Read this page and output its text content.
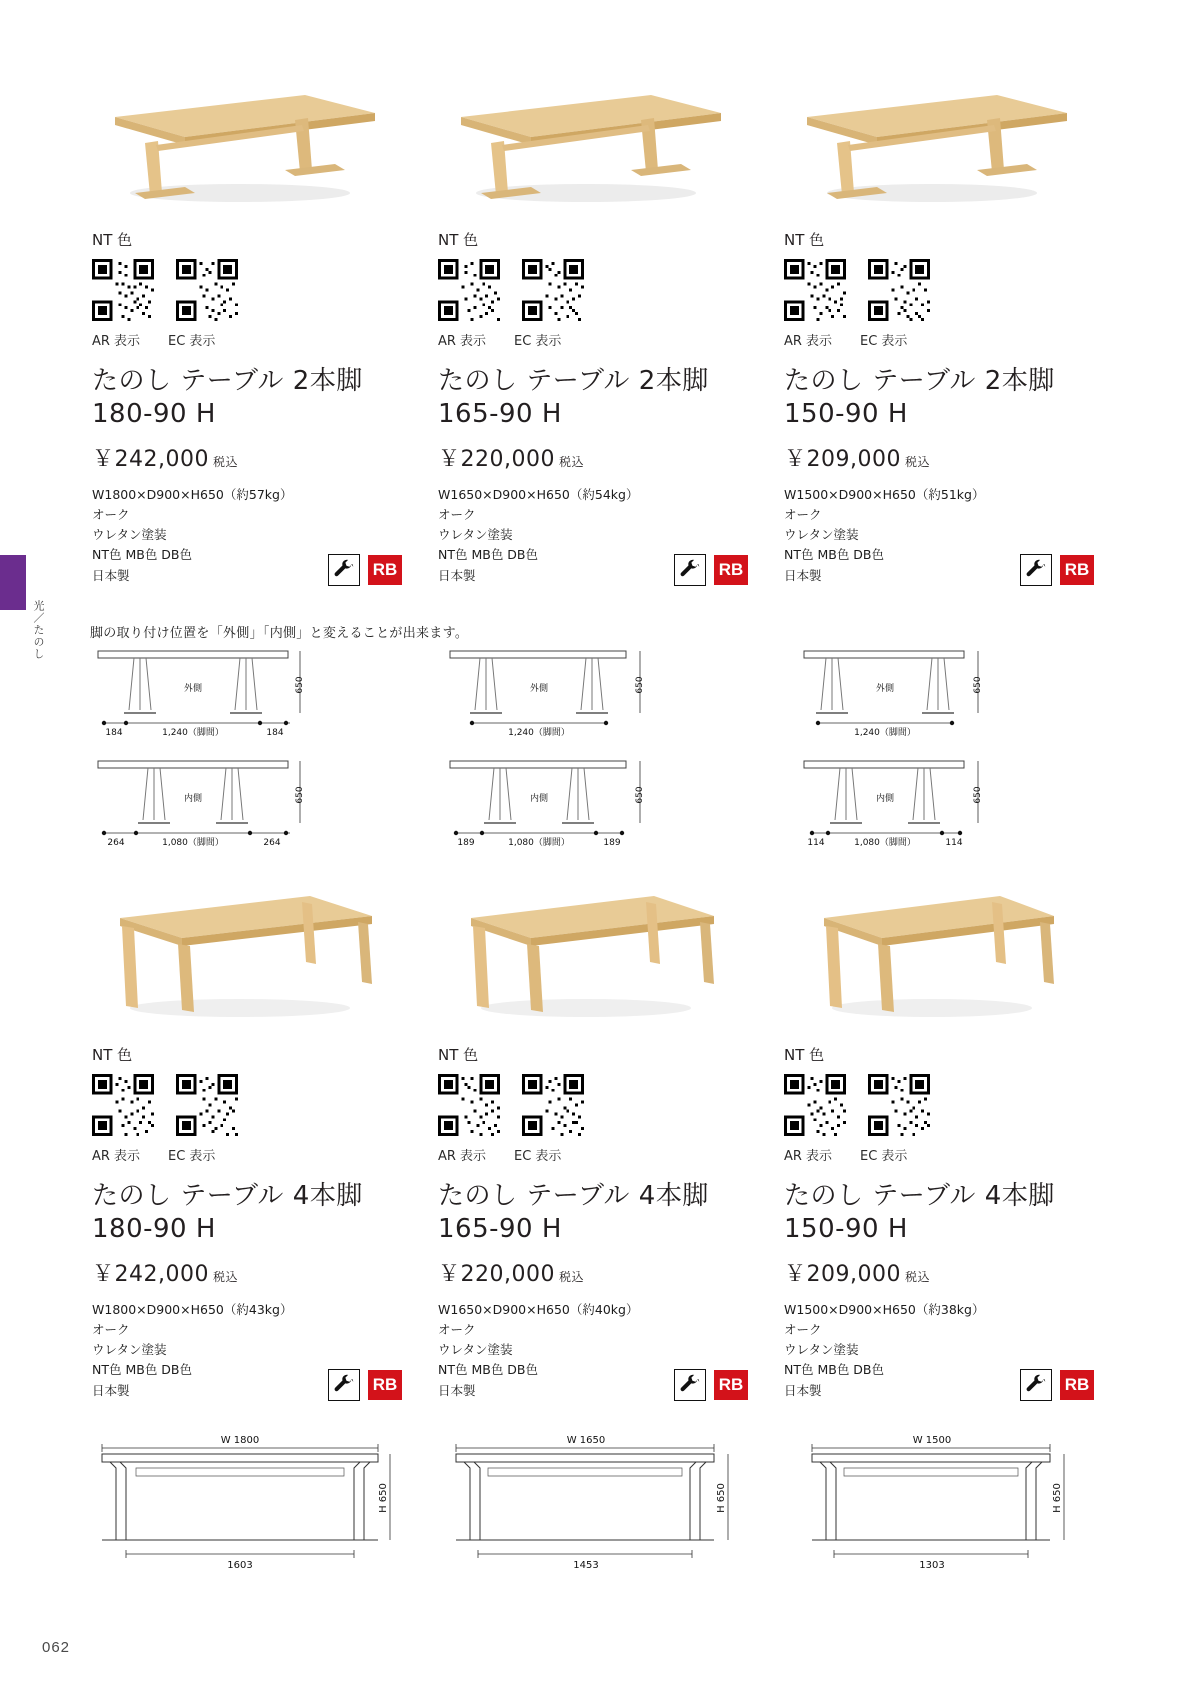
光／たのし
062
NT 色
AR 表示	EC 表示
たのし テーブル 2本脚
180-90 H
￥242,000 税込
W1800×D900×H650（約57kg）
オーク
ウレタン塗装
NT色 MB色 DB色
日本製	RB
NT 色
AR 表示	EC 表示
たのし テーブル 2本脚
165-90 H
￥220,000 税込
W1650×D900×H650（約54kg）
オーク
ウレタン塗装
NT色 MB色 DB色
日本製	RB
NT 色
AR 表示	EC 表示
たのし テーブル 2本脚
150-90 H
￥209,000 税込
W1500×D900×H650（約51kg）
オーク
ウレタン塗装
NT色 MB色 DB色
日本製	RB
脚の取り付け位置を「外側」「内側」と変えることが出来ます。
外側	650
184	1,240（脚間）	184
内側	650
264	1,080（脚間）	264
外側	650
1,240（脚間）
内側	650
189	1,080（脚間）	189
外側	650
1,240（脚間）
内側	650
114	1,080（脚間）	114
NT 色
AR 表示	EC 表示
たのし テーブル 4本脚
180-90 H
￥242,000 税込
W1800×D900×H650（約43kg）
オーク
ウレタン塗装
NT色 MB色 DB色
日本製	RB
NT 色
AR 表示	EC 表示
たのし テーブル 4本脚
165-90 H
￥220,000 税込
W1650×D900×H650（約40kg）
オーク
ウレタン塗装
NT色 MB色 DB色
日本製	RB
NT 色
AR 表示	EC 表示
たのし テーブル 4本脚
150-90 H
￥209,000 税込
W1500×D900×H650（約38kg）
オーク
ウレタン塗装
NT色 MB色 DB色
日本製	RB
W 1800
H 650
1603
W 1650
H 650
1453
W 1500
H 650
1303
